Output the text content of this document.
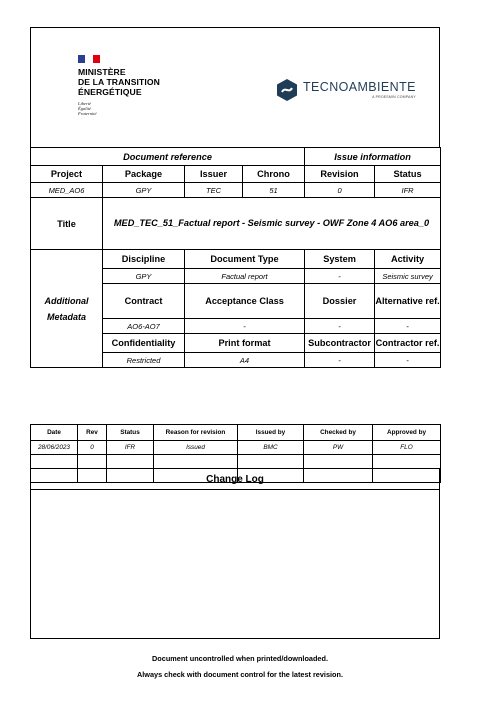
MINISTÈRE
DE LA TRANSITION
ÉNERGÉTIQUE
Liberté
Égalité
Fraternité
TECNOAMBIENTE
A PROESMIN COMPANY
Document reference				Issue information	
Project	Package	Issuer	Chrono	Revision	Status
MED_AO6	GPY	TEC	51	0	IFR
Title	MED_TEC_51_Factual report - Seismic survey - OWF Zone 4 AO6 area_0				
Additional Metadata	Discipline	Document Type		System	Activity
	GPY	Factual report		-	Seismic survey
	Contract	Acceptance Class		Dossier	Alternative ref.
	AO6-AO7	-		-	-
	Confidentiality	Print format		Subcontractor	Contractor ref.
	Restricted	A4		-	-
Date	Rev	Status	Reason for revision	Issued by	Checked by	Approved by
28/06/2023	0	IFR	Issued	BMC	PW	FLO

Change Log

Document uncontrolled when printed/downloaded.
Always check with document control for the latest revision.
